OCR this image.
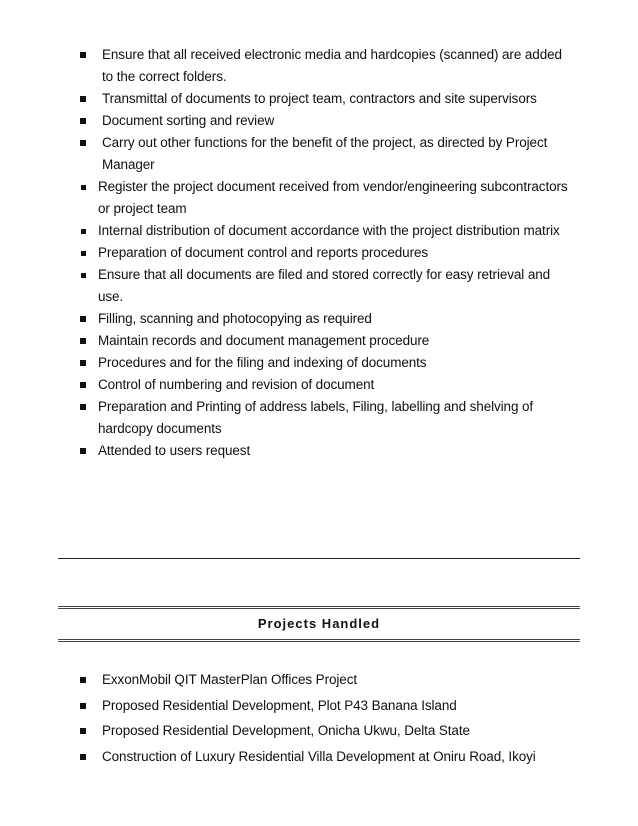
Ensure that all received electronic media and hardcopies (scanned) are added to the correct folders.
Transmittal of documents to project team, contractors and site supervisors
Document sorting and review
Carry out other functions for the benefit of the project, as directed by Project Manager
Register the project document received from vendor/engineering subcontractors or project team
Internal distribution of document accordance with the project distribution matrix
Preparation of document control and reports procedures
Ensure that all documents are filed and stored correctly for easy retrieval and use.
Filling, scanning and photocopying as required
Maintain records and document management procedure
Procedures and for the filing and indexing of documents
Control of numbering and revision of document
Preparation and Printing of address labels, Filing, labelling and shelving of hardcopy documents
Attended to users request
Projects Handled
ExxonMobil QIT MasterPlan Offices Project
Proposed Residential Development, Plot P43 Banana Island
Proposed Residential Development, Onicha Ukwu, Delta State
Construction of Luxury Residential Villa Development at Oniru Road, Ikoyi
